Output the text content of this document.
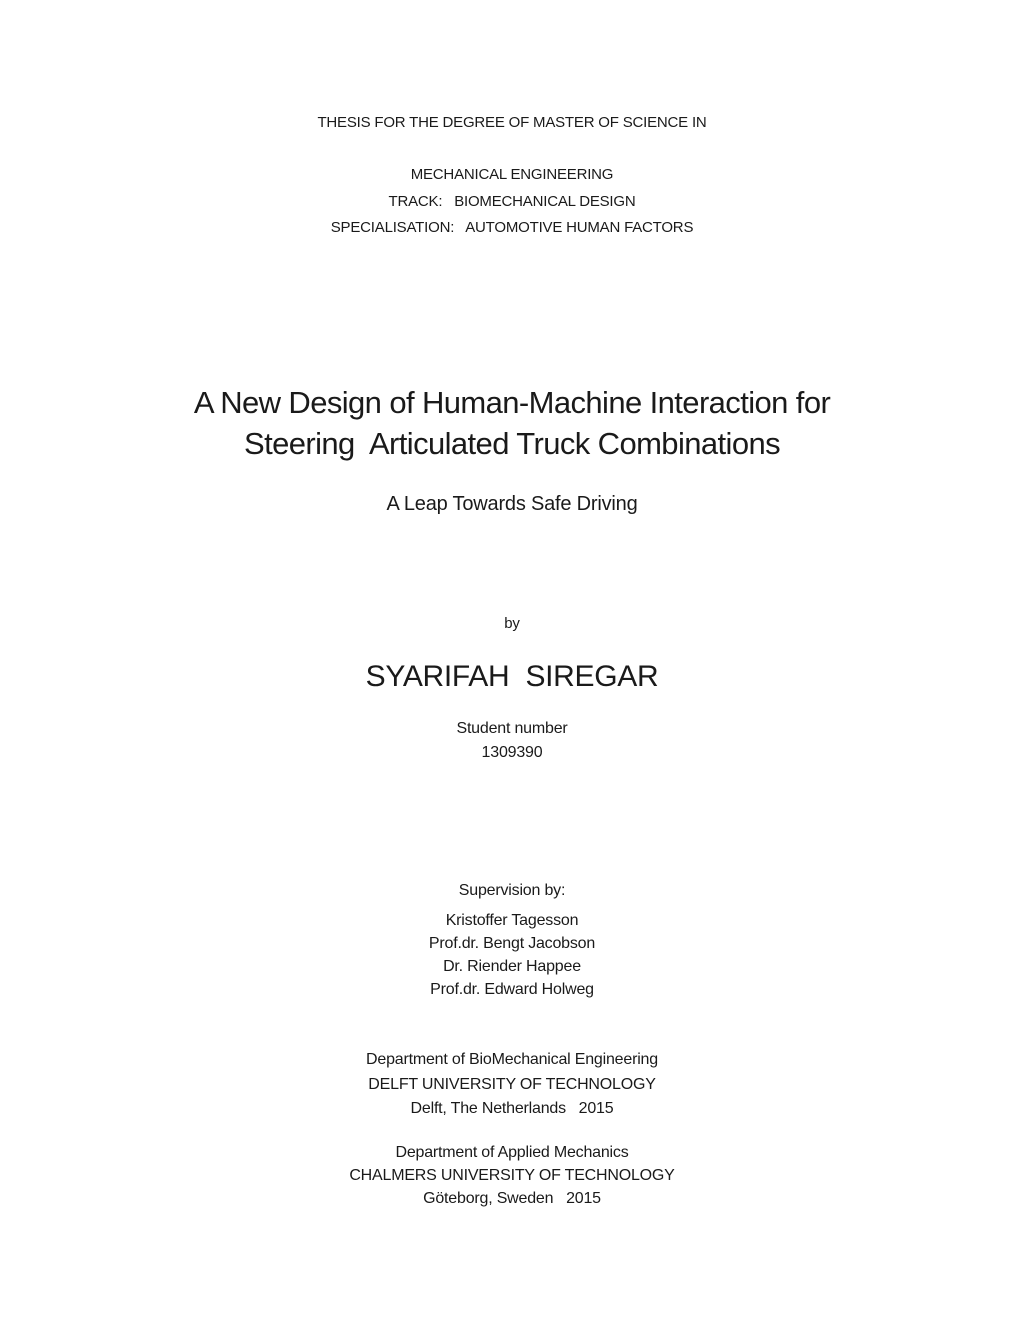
THESIS FOR THE DEGREE OF MASTER OF SCIENCE IN
MECHANICAL ENGINEERING
TRACK:   BIOMECHANICAL DESIGN
SPECIALISATION:   AUTOMOTIVE HUMAN FACTORS
A New Design of Human-Machine Interaction for
Steering  Articulated Truck Combinations
A Leap Towards Safe Driving
by
SYARIFAH  SIREGAR
Student number
1309390
Supervision by:
Kristoffer Tagesson
Prof.dr. Bengt Jacobson
Dr. Riender Happee
Prof.dr. Edward Holweg
Department of BioMechanical Engineering
DELFT UNIVERSITY OF TECHNOLOGY
Delft, The Netherlands   2015
Department of Applied Mechanics
CHALMERS UNIVERSITY OF TECHNOLOGY
Göteborg, Sweden   2015
